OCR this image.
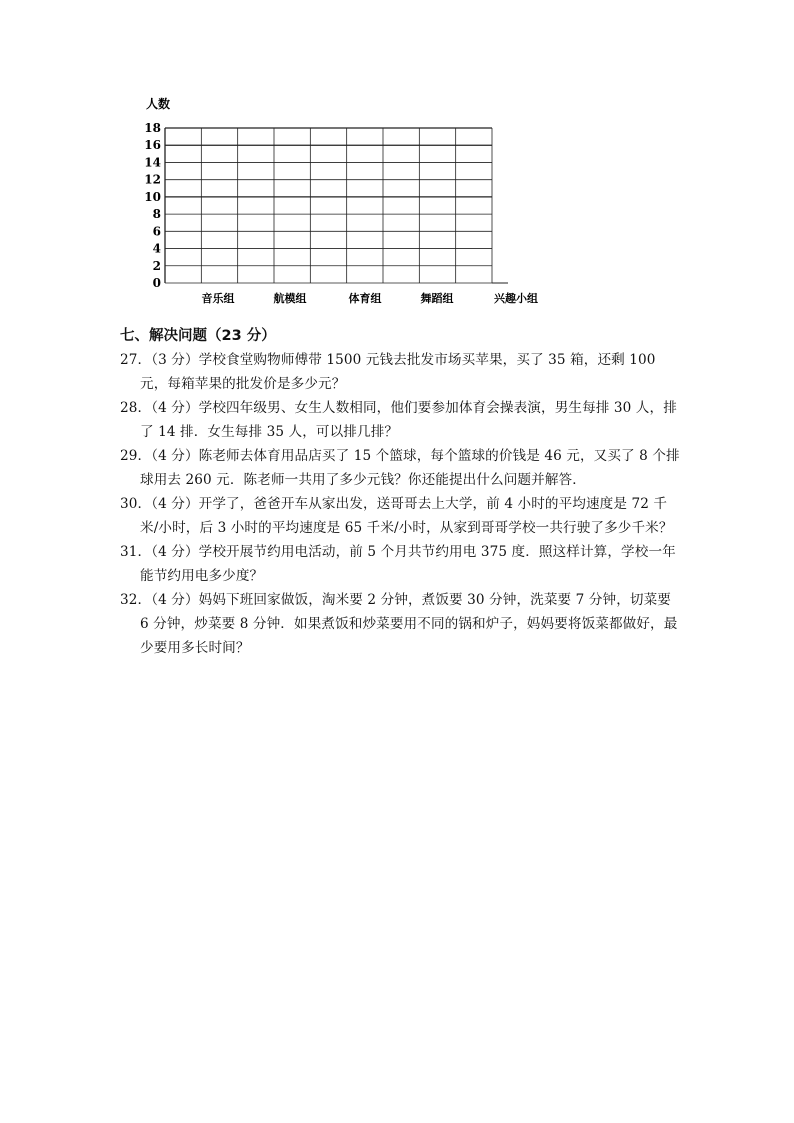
人数
0
2
4
6
8
10
12
14
16
18
音乐组	航模组	体育组	舞蹈组	兴趣小组
七、解决问题（23 分）
27．（3 分）学校食堂购物师傅带 1500 元钱去批发市场买苹果，买了 35 箱，还剩 100 元，每箱苹果的批发价是多少元？
28．（4 分）学校四年级男、女生人数相同，他们要参加体育会操表演，男生每排 30 人，排了 14 排．女生每排 35 人，可以排几排？
29．（4 分）陈老师去体育用品店买了 15 个篮球，每个篮球的价钱是 46 元，又买了 8 个排球用去 260 元．陈老师一共用了多少元钱？你还能提出什么问题并解答．
30．（4 分）开学了，爸爸开车从家出发，送哥哥去上大学，前 4 小时的平均速度是 72 千米/小时，后 3 小时的平均速度是 65 千米/小时，从家到哥哥学校一共行驶了多少千米？
31．（4 分）学校开展节约用电活动，前 5 个月共节约用电 375 度．照这样计算，学校一年能节约用电多少度？
32．（4 分）妈妈下班回家做饭，淘米要 2 分钟，煮饭要 30 分钟，洗菜要 7 分钟，切菜要 6 分钟，炒菜要 8 分钟．如果煮饭和炒菜要用不同的锅和炉子，妈妈要将饭菜都做好，最少要用多长时间？
